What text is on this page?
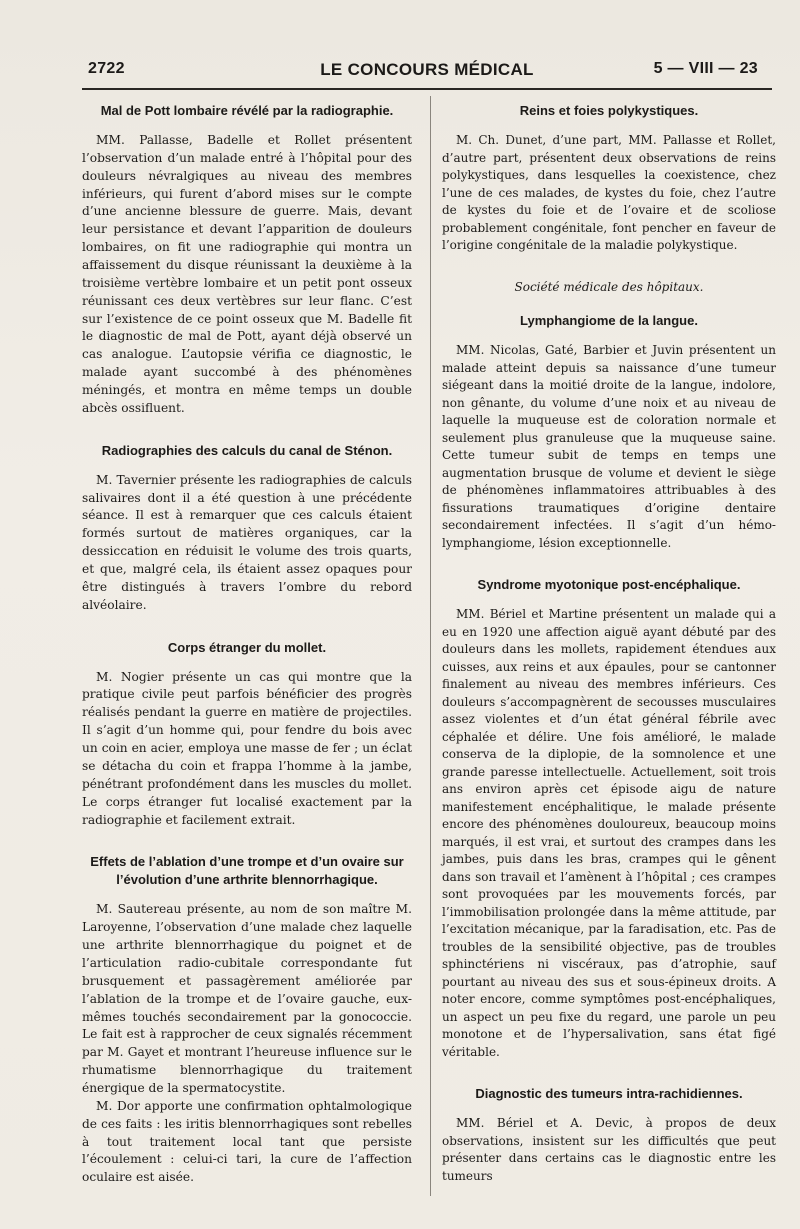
2722	LE CONCOURS MÉDICAL	5 — VIII — 23
Mal de Pott lombaire révélé par la radiographie.

MM. Pallasse, Badelle et Rollet présentent l’observation d’un malade entré à l’hôpital pour des douleurs névralgiques au niveau des membres inférieurs, qui furent d’abord mises sur le compte d’une ancienne blessure de guerre. Mais, devant leur persistance et devant l’apparition de douleurs lombaires, on fit une radiographie qui montra un affaissement du disque réunissant la deuxième à la troisième vertèbre lombaire et un petit pont osseux réunissant ces deux vertèbres sur leur flanc. C’est sur l’existence de ce point osseux que M. Badelle fit le diagnostic de mal de Pott, ayant déjà observé un cas analogue. L’autopsie vérifia ce diagnostic, le malade ayant succombé à des phénomènes méningés, et montra en même temps un double abcès ossifluent.

Radiographies des calculs du canal de Sténon.

M. Tavernier présente les radiographies de calculs salivaires dont il a été question à une précédente séance. Il est à remarquer que ces calculs étaient formés surtout de matières organiques, car la dessiccation en réduisit le volume des trois quarts, et que, malgré cela, ils étaient assez opaques pour être distingués à travers l’ombre du rebord alvéolaire.

Corps étranger du mollet.

M. Nogier présente un cas qui montre que la pratique civile peut parfois bénéficier des progrès réalisés pendant la guerre en matière de projectiles. Il s’agit d’un homme qui, pour fendre du bois avec un coin en acier, employa une masse de fer ; un éclat se détacha du coin et frappa l’homme à la jambe, pénétrant profondément dans les muscles du mollet. Le corps étranger fut localisé exactement par la radiographie et facilement extrait.

Effets de l’ablation d’une trompe et d’un ovaire sur l’évolution d’une arthrite blennorrhagique.

M. Sautereau présente, au nom de son maître M. Laroyenne, l’observation d’une malade chez laquelle une arthrite blennorrhagique du poignet et de l’articulation radio-cubitale correspondante fut brusquement et passagèrement améliorée par l’ablation de la trompe et de l’ovaire gauche, eux-mêmes touchés secondairement par la gonococcie. Le fait est à rapprocher de ceux signalés récemment par M. Gayet et montrant l’heureuse influence sur le rhumatisme blennorrhagique du traitement énergique de la spermatocystite.

M. Dor apporte une confirmation ophtalmologique de ces faits : les iritis blennorrhagiques sont rebelles à tout traitement local tant que persiste l’écoulement : celui-ci tari, la cure de l’affection oculaire est aisée.

Reins et foies polykystiques.

M. Ch. Dunet, d’une part, MM. Pallasse et Rollet, d’autre part, présentent deux observations de reins polykystiques, dans lesquelles la coexistence, chez l’une de ces malades, de kystes du foie, chez l’autre de kystes du foie et de l’ovaire et de scoliose probablement congénitale, font pencher en faveur de l’origine congénitale de la maladie polykystique.

Société médicale des hôpitaux.
Lymphangiome de la langue.

MM. Nicolas, Gaté, Barbier et Juvin présentent un malade atteint depuis sa naissance d’une tumeur siégeant dans la moitié droite de la langue, indolore, non gênante, du volume d’une noix et au niveau de laquelle la muqueuse est de coloration normale et seulement plus granuleuse que la muqueuse saine. Cette tumeur subit de temps en temps une augmentation brusque de volume et devient le siège de phénomènes inflammatoires attribuables à des fissurations traumatiques d’origine dentaire secondairement infectées. Il s’agit d’un hémo-lymphangiome, lésion exceptionnelle.

Syndrome myotonique post-encéphalique.

MM. Bériel et Martine présentent un malade qui a eu en 1920 une affection aiguë ayant débuté par des douleurs dans les mollets, rapidement étendues aux cuisses, aux reins et aux épaules, pour se cantonner finalement au niveau des membres inférieurs. Ces douleurs s’accompagnèrent de secousses musculaires assez violentes et d’un état général fébrile avec céphalée et délire. Une fois amélioré, le malade conserva de la diplopie, de la somnolence et une grande paresse intellectuelle. Actuellement, soit trois ans environ après cet épisode aigu de nature manifestement encéphalitique, le malade présente encore des phénomènes douloureux, beaucoup moins marqués, il est vrai, et surtout des crampes dans les jambes, puis dans les bras, crampes qui le gênent dans son travail et l’amènent à l’hôpital ; ces crampes sont provoquées par les mouvements forcés, par l’immobilisation prolongée dans la même attitude, par l’excitation mécanique, par la faradisation, etc. Pas de troubles de la sensibilité objective, pas de troubles sphinctériens ni viscéraux, pas d’atrophie, sauf pourtant au niveau des sus et sous-épineux droits. A noter encore, comme symptômes post-encéphaliques, un aspect un peu fixe du regard, une parole un peu monotone et de l’hypersalivation, sans état figé véritable.

Diagnostic des tumeurs intra-rachidiennes.

MM. Bériel et A. Devic, à propos de deux observations, insistent sur les difficultés que peut présenter dans certains cas le diagnostic entre les tumeurs
